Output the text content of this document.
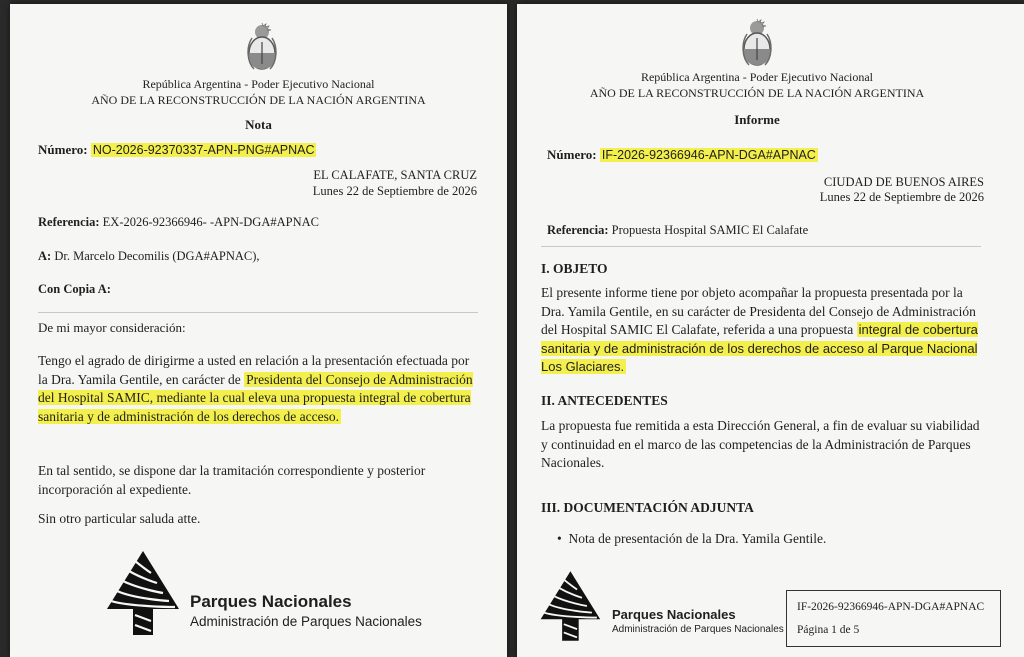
República Argentina - Poder Ejecutivo Nacional
AÑO DE LA RECONSTRUCCIÓN DE LA NACIÓN ARGENTINA
Nota
Número: NO-2026-92370337-APN-PNG#APNAC
EL CALAFATE, SANTA CRUZ
Lunes 22 de Septiembre de 2026
Referencia: EX-2026-92366946- -APN-DGA#APNAC
A: Dr. Marcelo Decomilis (DGA#APNAC),
Con Copia A:
De mi mayor consideración:
Tengo el agrado de dirigirme a usted en relación a la presentación efectuada por la Dra. Yamila Gentile, en carácter de Presidenta del Consejo de Administración del Hospital SAMIC, mediante la cual eleva una propuesta integral de cobertura sanitaria y de administración de los derechos de acceso.
En tal sentido, se dispone dar la tramitación correspondiente y posterior incorporación al expediente.
Sin otro particular saluda atte.
Parques Nacionales
Administración de Parques Nacionales
República Argentina - Poder Ejecutivo Nacional
AÑO DE LA RECONSTRUCCIÓN DE LA NACIÓN ARGENTINA
Informe
Número: IF-2026-92366946-APN-DGA#APNAC
CIUDAD DE BUENOS AIRES
Lunes 22 de Septiembre de 2026
Referencia: Propuesta Hospital SAMIC El Calafate
I. OBJETO
El presente informe tiene por objeto acompañar la propuesta presentada por la Dra. Yamila Gentile, en su carácter de Presidenta del Consejo de Administración del Hospital SAMIC El Calafate, referida a una propuesta integral de cobertura sanitaria y de administración de los derechos de acceso al Parque Nacional Los Glaciares.
II. ANTECEDENTES
La propuesta fue remitida a esta Dirección General, a fin de evaluar su viabilidad y continuidad en el marco de las competencias de la Administración de Parques Nacionales.
III. DOCUMENTACIÓN ADJUNTA
• Nota de presentación de la Dra. Yamila Gentile.
Parques Nacionales
Administración de Parques Nacionales
IF-2026-92366946-APN-DGA#APNAC
Página 1 de 5
